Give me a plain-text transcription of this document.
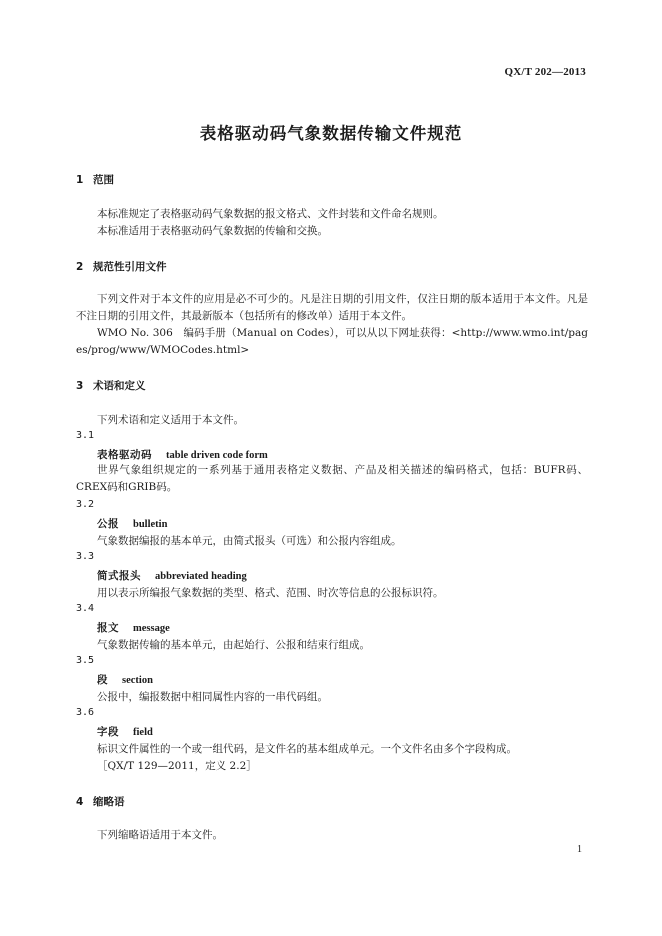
QX/T 202—2013
表格驱动码气象数据传输文件规范
1 范围
本标准规定了表格驱动码气象数据的报文格式、文件封装和文件命名规则。
本标准适用于表格驱动码气象数据的传输和交换。
2 规范性引用文件
下列文件对于本文件的应用是必不可少的。凡是注日期的引用文件，仅注日期的版本适用于本文件。凡是不注日期的引用文件，其最新版本（包括所有的修改单）适用于本文件。
WMO No. 306　编码手册（Manual on Codes），可以从以下网址获得：<http://www.wmo.int/pages/prog/www/WMOCodes.html>
3 术语和定义
下列术语和定义适用于本文件。
3.1
表格驱动码 table driven code form
世界气象组织规定的一系列基于通用表格定义数据、产品及相关描述的编码格式，包括：BUFR码、CREX码和GRIB码。
3.2
公报 bulletin
气象数据编报的基本单元，由简式报头（可选）和公报内容组成。
3.3
简式报头 abbreviated heading
用以表示所编报气象数据的类型、格式、范围、时次等信息的公报标识符。
3.4
报文 message
气象数据传输的基本单元，由起始行、公报和结束行组成。
3.5
段 section
公报中，编报数据中相同属性内容的一串代码组。
3.6
字段 field
标识文件属性的一个或一组代码，是文件名的基本组成单元。一个文件名由多个字段构成。
［QX/T 129—2011，定义 2.2］
4 缩略语
下列缩略语适用于本文件。
1
